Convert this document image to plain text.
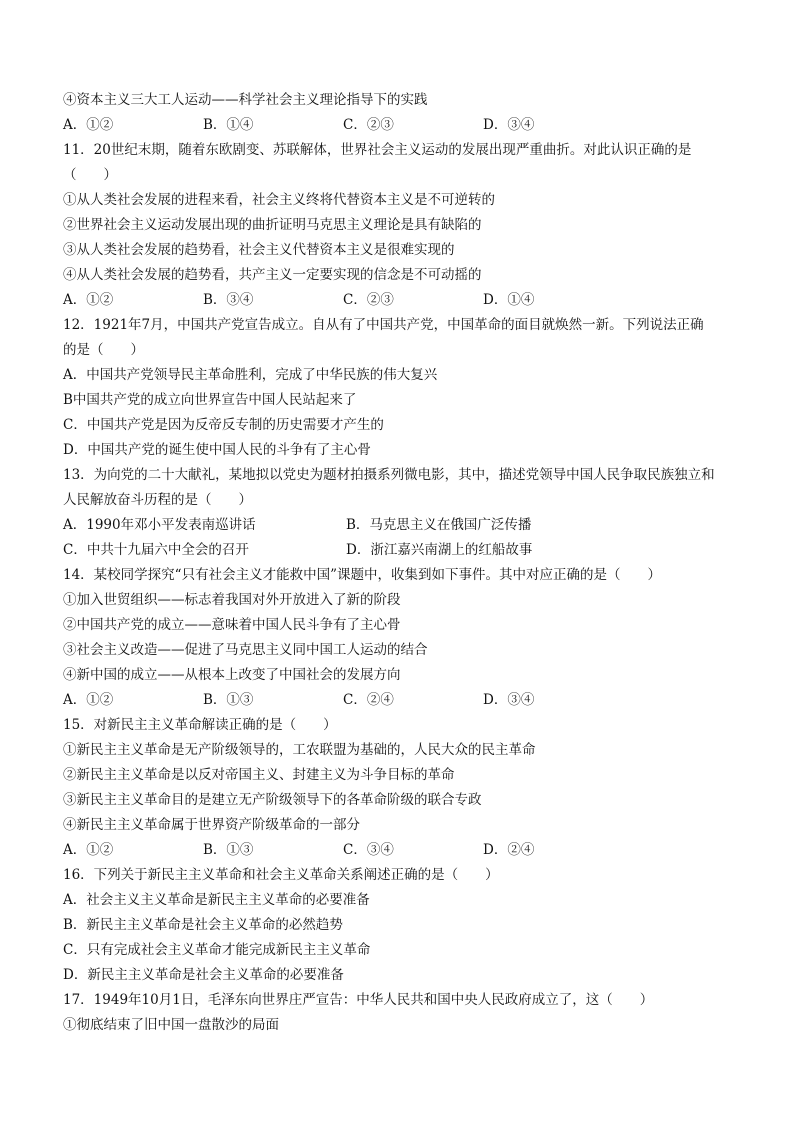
④资本主义三大工人运动——科学社会主义理论指导下的实践
A．①②	B．①④	C．②③	D．③④
11．20世纪末期，随着东欧剧变、苏联解体，世界社会主义运动的发展出现严重曲折。对此认识正确的是
（　　）
①从人类社会发展的进程来看，社会主义终将代替资本主义是不可逆转的
②世界社会主义运动发展出现的曲折证明马克思主义理论是具有缺陷的
③从人类社会发展的趋势看，社会主义代替资本主义是很难实现的
④从人类社会发展的趋势看，共产主义一定要实现的信念是不可动摇的
A．①②	B．③④	C．②③	D．①④
12．1921年7月，中国共产党宣告成立。自从有了中国共产党，中国革命的面目就焕然一新。下列说法正确
的是（　　）
A．中国共产党领导民主革命胜利，完成了中华民族的伟大复兴
B中国共产党的成立向世界宣告中国人民站起来了
C．中国共产党是因为反帝反专制的历史需要才产生的
D．中国共产党的诞生使中国人民的斗争有了主心骨
13．为向党的二十大献礼，某地拟以党史为题材拍摄系列微电影，其中，描述党领导中国人民争取民族独立和
人民解放奋斗历程的是（　　）
A．1990年邓小平发表南巡讲话	B．马克思主义在俄国广泛传播
C．中共十九届六中全会的召开	D．浙江嘉兴南湖上的红船故事
14．某校同学探究“只有社会主义才能救中国”课题中，收集到如下事件。其中对应正确的是（　　）
①加入世贸组织——标志着我国对外开放进入了新的阶段
②中国共产党的成立——意味着中国人民斗争有了主心骨
③社会主义改造——促进了马克思主义同中国工人运动的结合
④新中国的成立——从根本上改变了中国社会的发展方向
A．①②	B．①③	C．②④	D．③④
15．对新民主主义革命解读正确的是（　　）
①新民主主义革命是无产阶级领导的，工农联盟为基础的，人民大众的民主革命
②新民主主义革命是以反对帝国主义、封建主义为斗争目标的革命
③新民主主义革命目的是建立无产阶级领导下的各革命阶级的联合专政
④新民主主义革命属于世界资产阶级革命的一部分
A．①②	B．①③	C．③④	D．②④
16．下列关于新民主主义革命和社会主义革命关系阐述正确的是（　　）
A．社会主义主义革命是新民主主义革命的必要准备
B．新民主主义革命是社会主义革命的必然趋势
C．只有完成社会主义革命才能完成新民主主义革命
D．新民主主义革命是社会主义革命的必要准备
17．1949年10月1日，毛泽东向世界庄严宣告：中华人民共和国中央人民政府成立了，这（　　）
①彻底结束了旧中国一盘散沙的局面
